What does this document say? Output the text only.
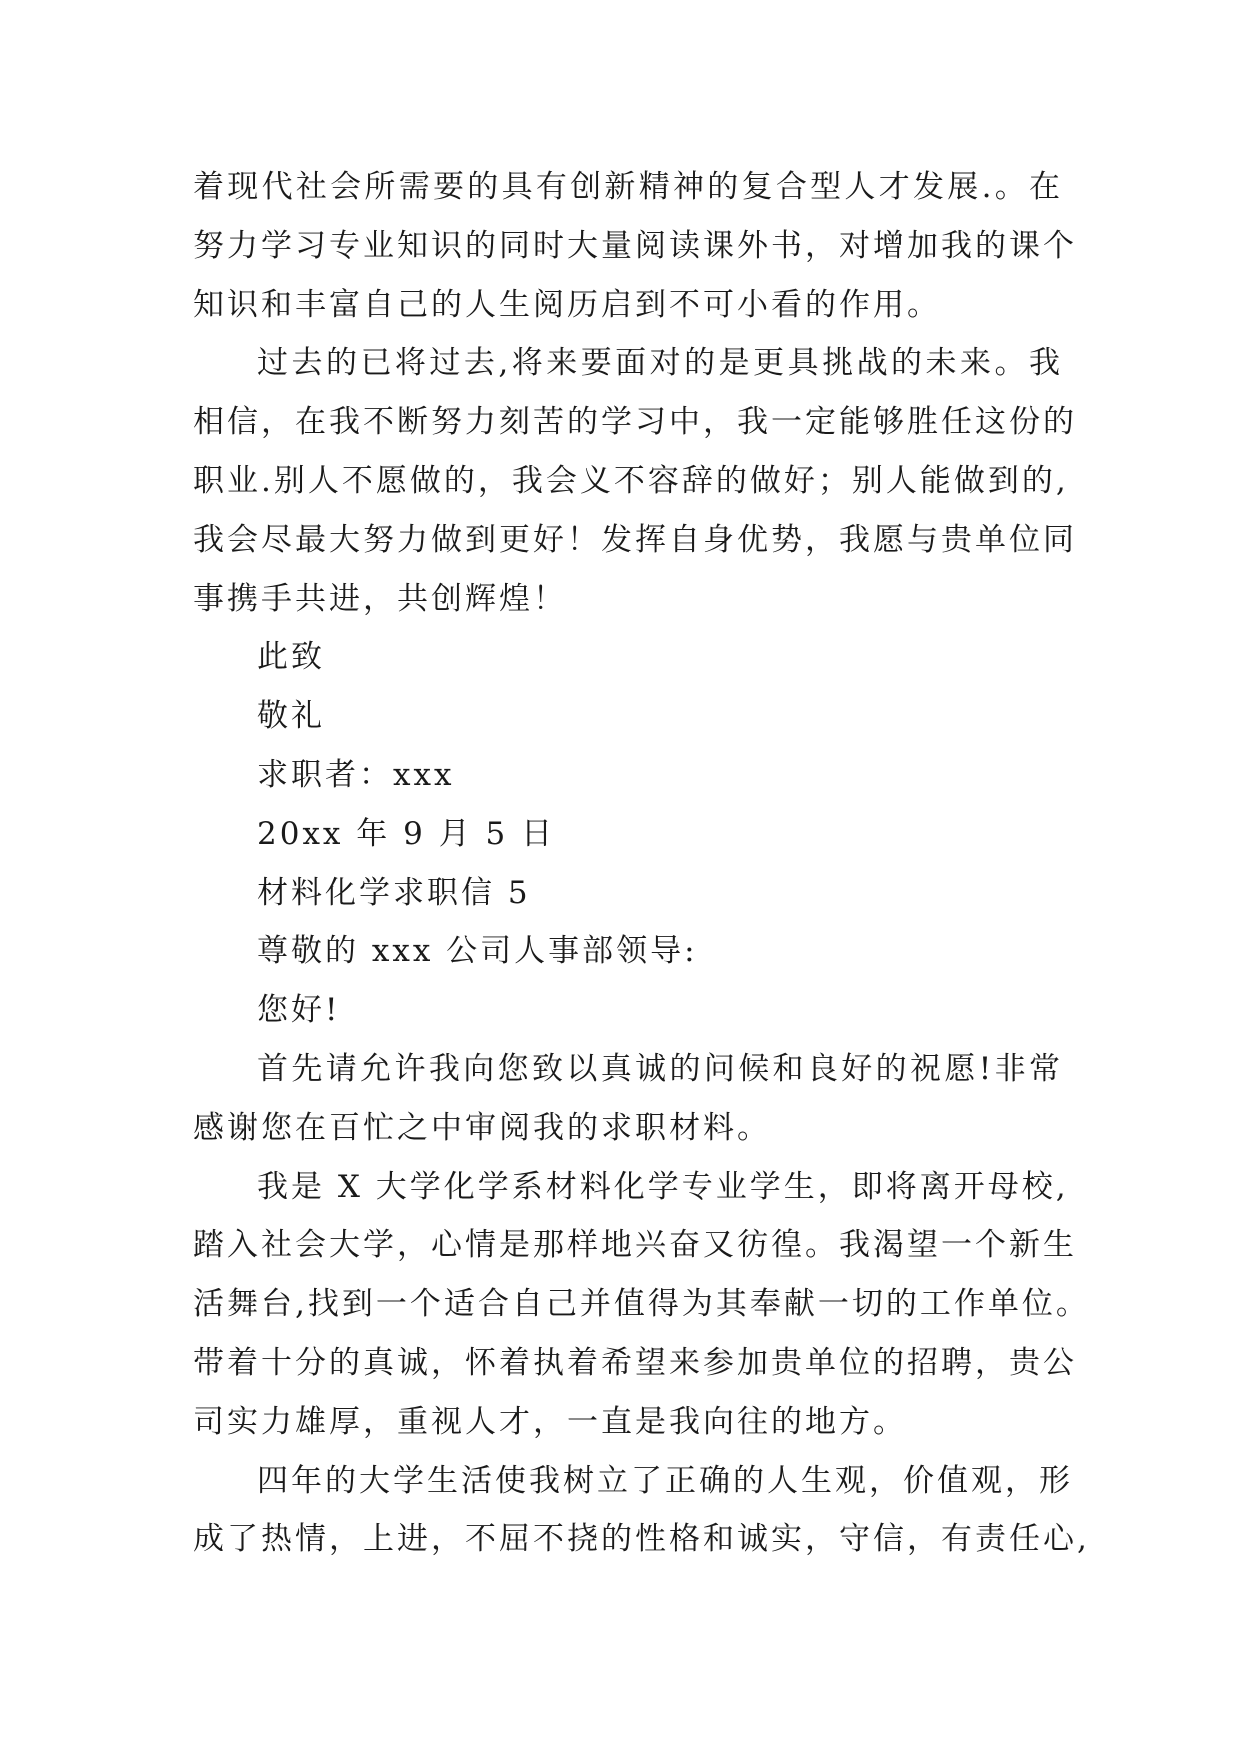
着现代社会所需要的具有创新精神的复合型人才发展.。在
努力学习专业知识的同时大量阅读课外书，对增加我的课个
知识和丰富自己的人生阅历启到不可小看的作用。
过去的已将过去,将来要面对的是更具挑战的未来。我
相信，在我不断努力刻苦的学习中，我一定能够胜任这份的
职业.别人不愿做的，我会义不容辞的做好；别人能做到的,
我会尽最大努力做到更好！发挥自身优势，我愿与贵单位同
事携手共进，共创辉煌！
此致
敬礼
求职者：xxx
20xx 年 9 月 5 日
材料化学求职信 5
尊敬的 xxx 公司人事部领导:
您好!
首先请允许我向您致以真诚的问候和良好的祝愿!非常
感谢您在百忙之中审阅我的求职材料。
我是 X 大学化学系材料化学专业学生，即将离开母校,
踏入社会大学，心情是那样地兴奋又彷徨。我渴望一个新生
活舞台,找到一个适合自己并值得为其奉献一切的工作单位。
带着十分的真诚，怀着执着希望来参加贵单位的招聘，贵公
司实力雄厚，重视人才，一直是我向往的地方。
四年的大学生活使我树立了正确的人生观，价值观，形
成了热情，上进，不屈不挠的性格和诚实，守信，有责任心,
